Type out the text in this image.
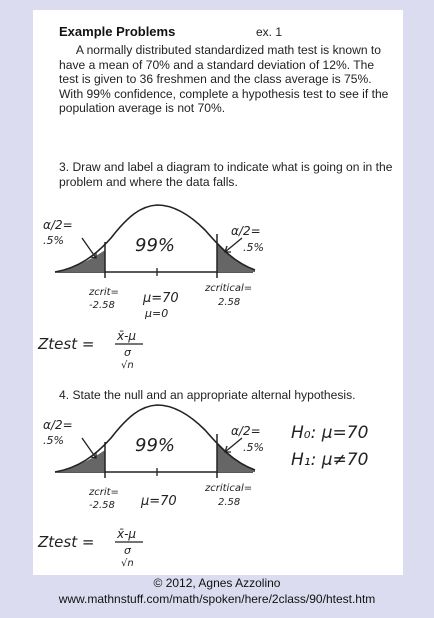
Example Problems	ex. 1

A normally distributed standardized math test is known to have a mean of 70% and a standard deviation of 12%. The test is given to 36 freshmen and the class average is 75%. With 99% confidence, complete a hypothesis test to see if the population average is not 70%.

3. Draw and label a diagram to indicate what is going on in the problem and where the data falls.

α/2=
.5%
α/2=
.5%
99%
zcrit=
-2.58 μ=70
μ=0
zcritical=
2.58
Ztest = x̄-μ
σ
√n

4. State the null and an appropriate alternal hypothesis.

α/2=
.5%
α/2=
.5%
99%
zcrit=
-2.58 μ=70
zcritical=
2.58
Ztest = x̄-μ
σ
√n
H₀: μ=70
H₁: μ≠70
© 2012, Agnes Azzolino
www.mathnstuff.com/math/spoken/here/2class/90/htest.htm
